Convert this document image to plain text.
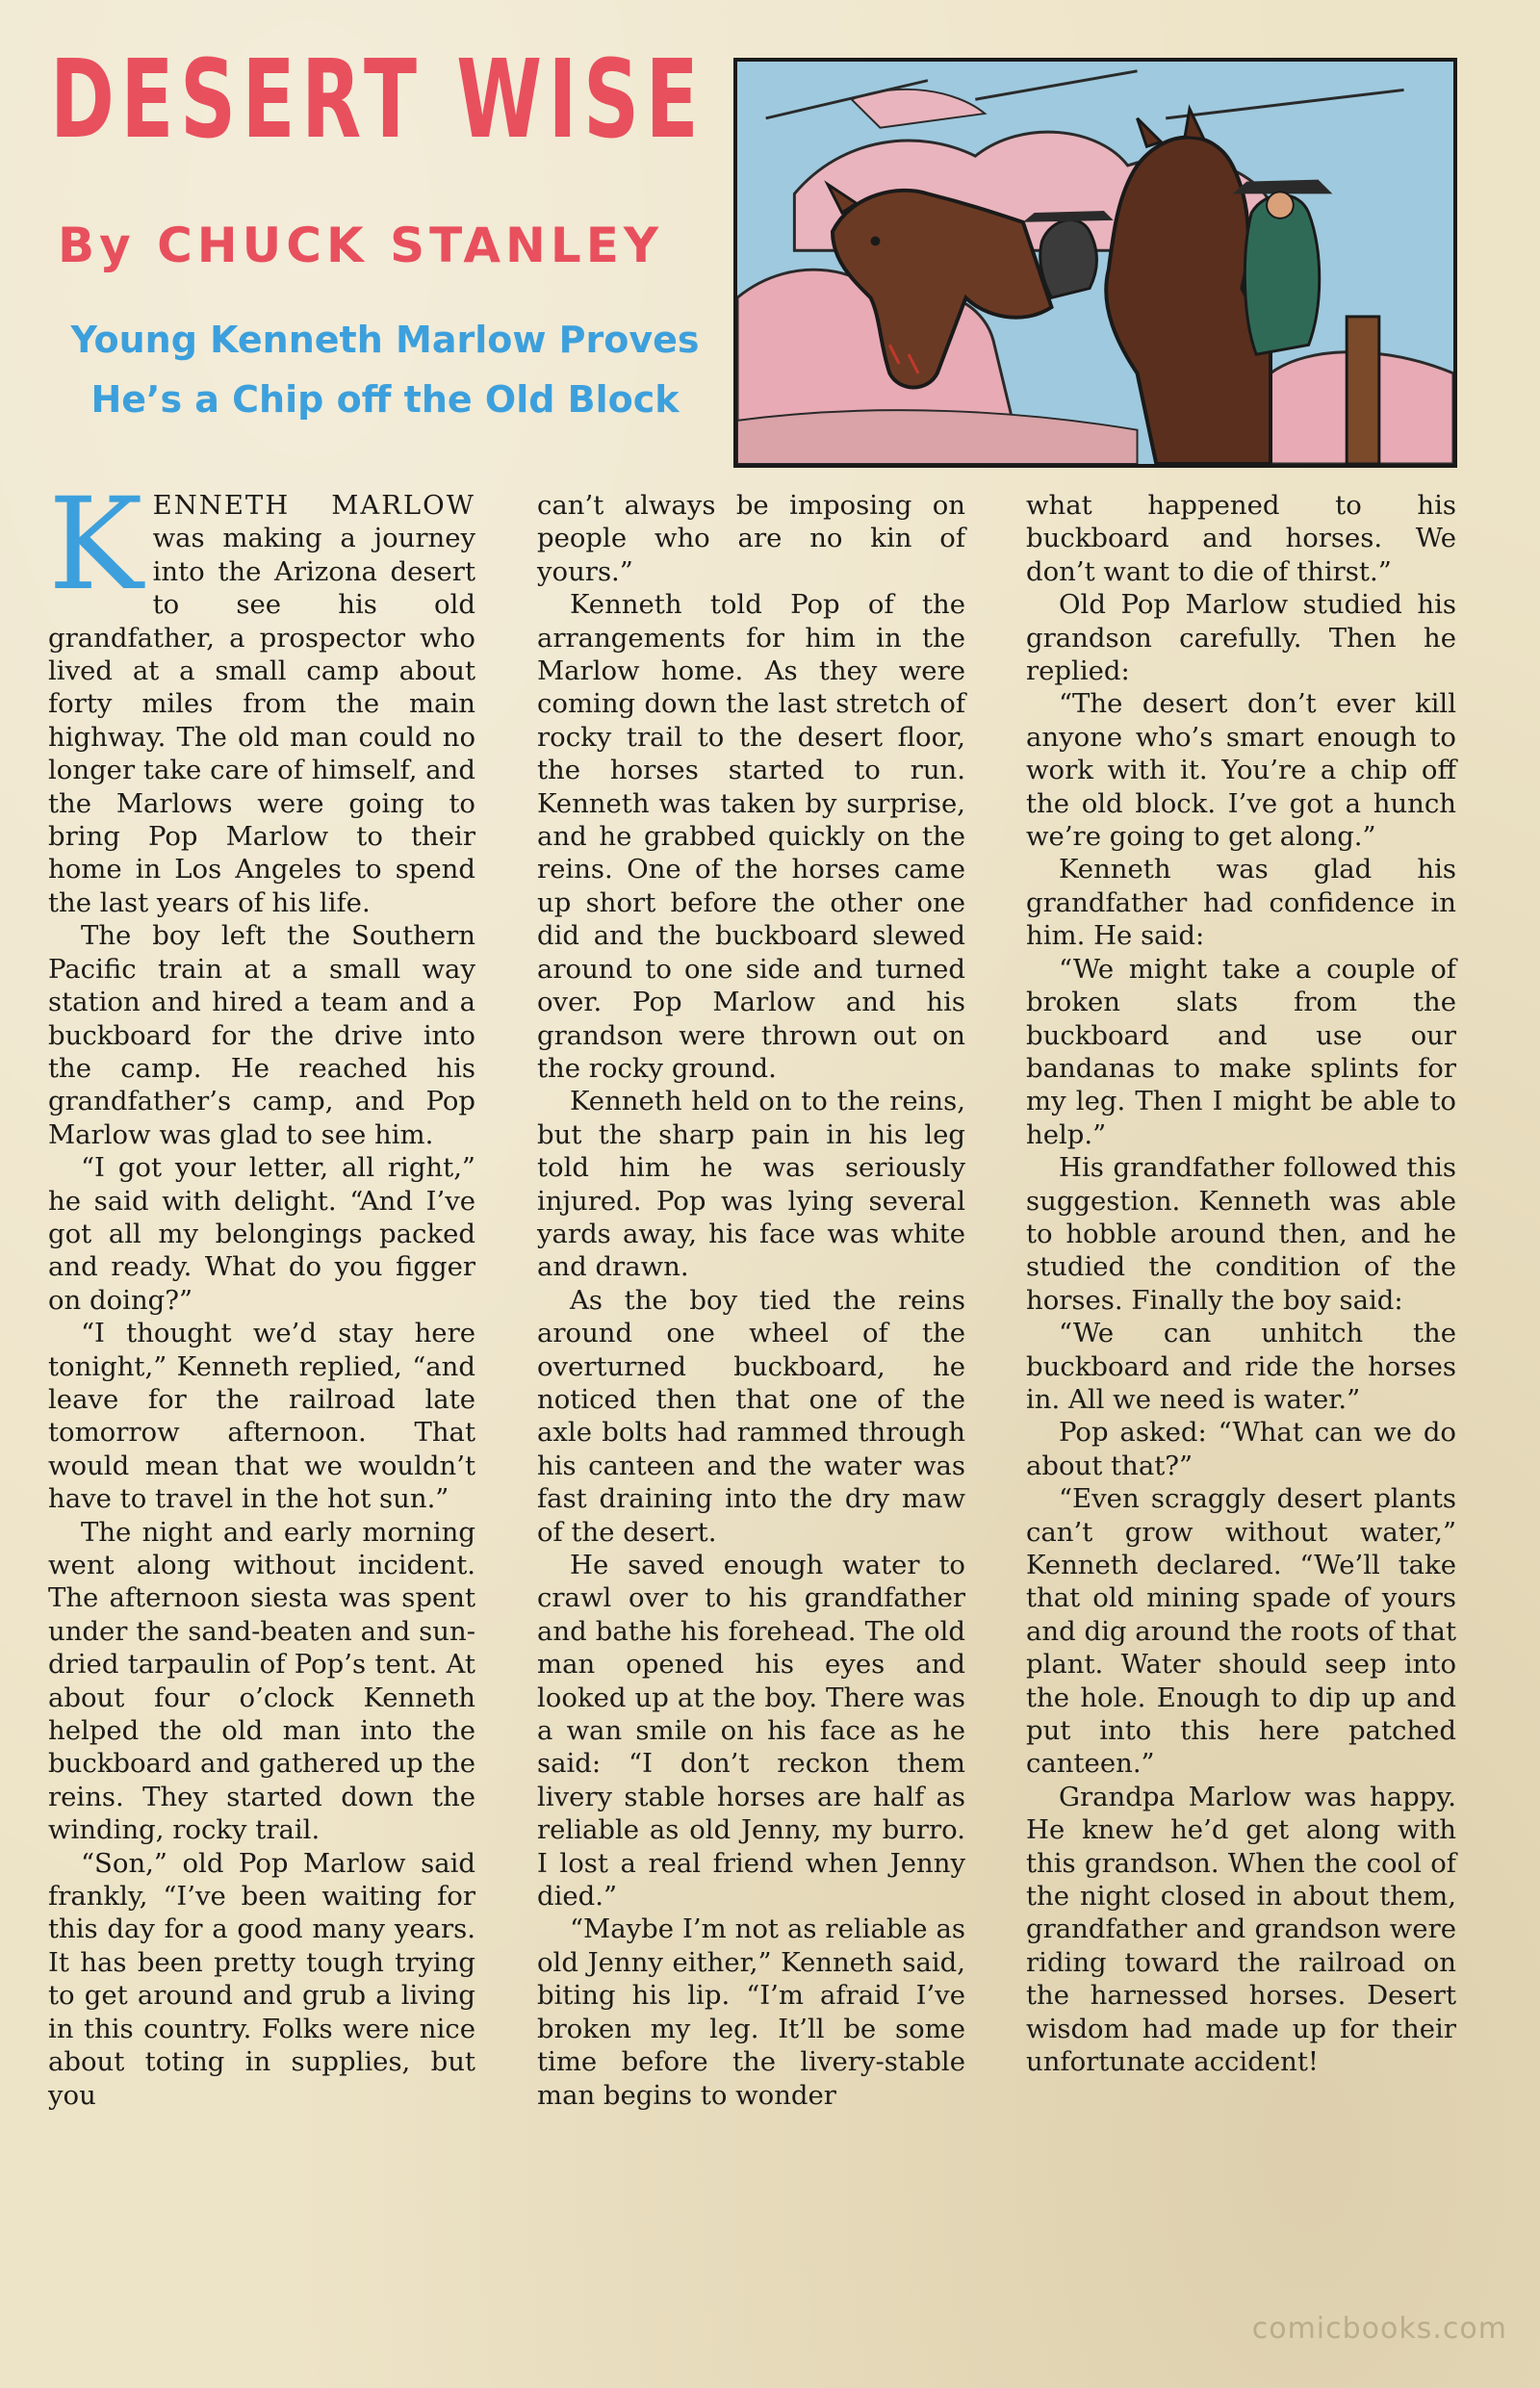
DESERT WISE
By CHUCK STANLEY
Young Kenneth Marlow Proves
He’s a Chip off the Old Block

KENNETH MARLOW was making a journey into the Arizona desert to see his old grandfather, a prospector who lived at a small camp about forty miles from the main highway. The old man could no longer take care of himself, and the Marlows were going to bring Pop Marlow to their home in Los Angeles to spend the last years of his life.

The boy left the Southern Pacific train at a small way station and hired a team and a buckboard for the drive into the camp. He reached his grandfather’s camp, and Pop Marlow was glad to see him.

“I got your letter, all right,” he said with delight. “And I’ve got all my belongings packed and ready. What do you figger on doing?”

“I thought we’d stay here tonight,” Kenneth replied, “and leave for the railroad late tomorrow afternoon. That would mean that we wouldn’t have to travel in the hot sun.”

The night and early morning went along without incident. The afternoon siesta was spent under the sand-beaten and sun-dried tarpaulin of Pop’s tent. At about four o’clock Kenneth helped the old man into the buckboard and gathered up the reins. They started down the winding, rocky trail.

“Son,” old Pop Marlow said frankly, “I’ve been waiting for this day for a good many years. It has been pretty tough trying to get around and grub a living in this country. Folks were nice about toting in supplies, but you

can’t always be imposing on people who are no kin of yours.”

Kenneth told Pop of the arrangements for him in the Marlow home. As they were coming down the last stretch of rocky trail to the desert floor, the horses started to run. Kenneth was taken by surprise, and he grabbed quickly on the reins. One of the horses came up short before the other one did and the buckboard slewed around to one side and turned over. Pop Marlow and his grandson were thrown out on the rocky ground.

Kenneth held on to the reins, but the sharp pain in his leg told him he was seriously injured. Pop was lying several yards away, his face was white and drawn.

As the boy tied the reins around one wheel of the overturned buckboard, he noticed then that one of the axle bolts had rammed through his canteen and the water was fast draining into the dry maw of the desert.

He saved enough water to crawl over to his grandfather and bathe his forehead. The old man opened his eyes and looked up at the boy. There was a wan smile on his face as he said: “I don’t reckon them livery stable horses are half as reliable as old Jenny, my burro. I lost a real friend when Jenny died.”

“Maybe I’m not as reliable as old Jenny either,” Kenneth said, biting his lip. “I’m afraid I’ve broken my leg. It’ll be some time before the livery-stable man begins to wonder

what happened to his buckboard and horses. We don’t want to die of thirst.”

Old Pop Marlow studied his grandson carefully. Then he replied:

“The desert don’t ever kill anyone who’s smart enough to work with it. You’re a chip off the old block. I’ve got a hunch we’re going to get along.”

Kenneth was glad his grandfather had confidence in him. He said:

“We might take a couple of broken slats from the buckboard and use our bandanas to make splints for my leg. Then I might be able to help.”

His grandfather followed this suggestion. Kenneth was able to hobble around then, and he studied the condition of the horses. Finally the boy said:

“We can unhitch the buckboard and ride the horses in. All we need is water.”

Pop asked: “What can we do about that?”

“Even scraggly desert plants can’t grow without water,” Kenneth declared. “We’ll take that old mining spade of yours and dig around the roots of that plant. Water should seep into the hole. Enough to dip up and put into this here patched canteen.”

Grandpa Marlow was happy. He knew he’d get along with this grandson. When the cool of the night closed in about them, grandfather and grandson were riding toward the railroad on the harnessed horses. Desert wisdom had made up for their unfortunate accident!

comicbooks.com
